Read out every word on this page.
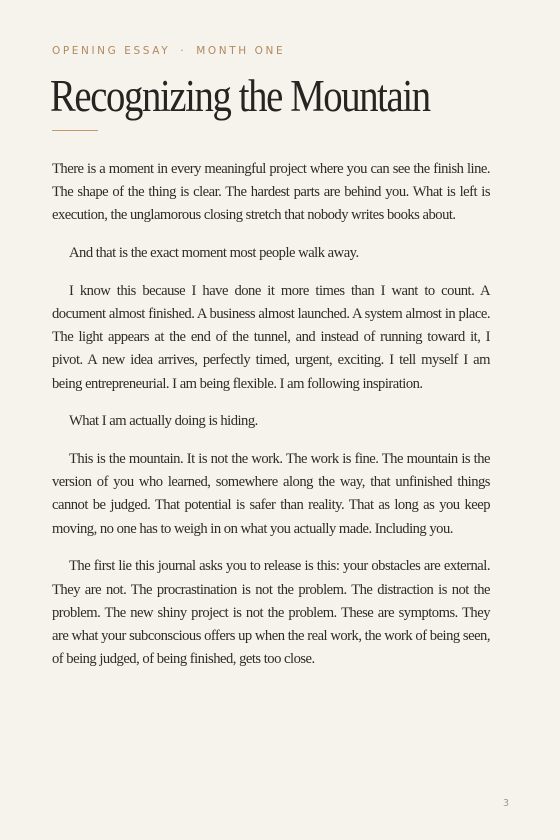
OPENING ESSAY · MONTH ONE
Recognizing the Mountain

There is a moment in every meaningful project where you can see the finish line. The shape of the thing is clear. The hardest parts are behind you. What is left is execution, the unglamorous closing stretch that nobody writes books about.

And that is the exact moment most people walk away.

I know this because I have done it more times than I want to count. A document almost finished. A business almost launched. A system almost in place. The light appears at the end of the tunnel, and instead of running toward it, I pivot. A new idea arrives, perfectly timed, urgent, exciting. I tell myself I am being entrepreneurial. I am being flexible. I am following inspiration.

What I am actually doing is hiding.

This is the mountain. It is not the work. The work is fine. The mountain is the version of you who learned, somewhere along the way, that unfinished things cannot be judged. That potential is safer than reality. That as long as you keep moving, no one has to weigh in on what you actually made. Including you.

The first lie this journal asks you to release is this: your obstacles are external. They are not. The procrastination is not the problem. The distraction is not the problem. The new shiny project is not the problem. These are symptoms. They are what your subconscious offers up when the real work, the work of being seen, of being judged, of being finished, gets too close.

3
